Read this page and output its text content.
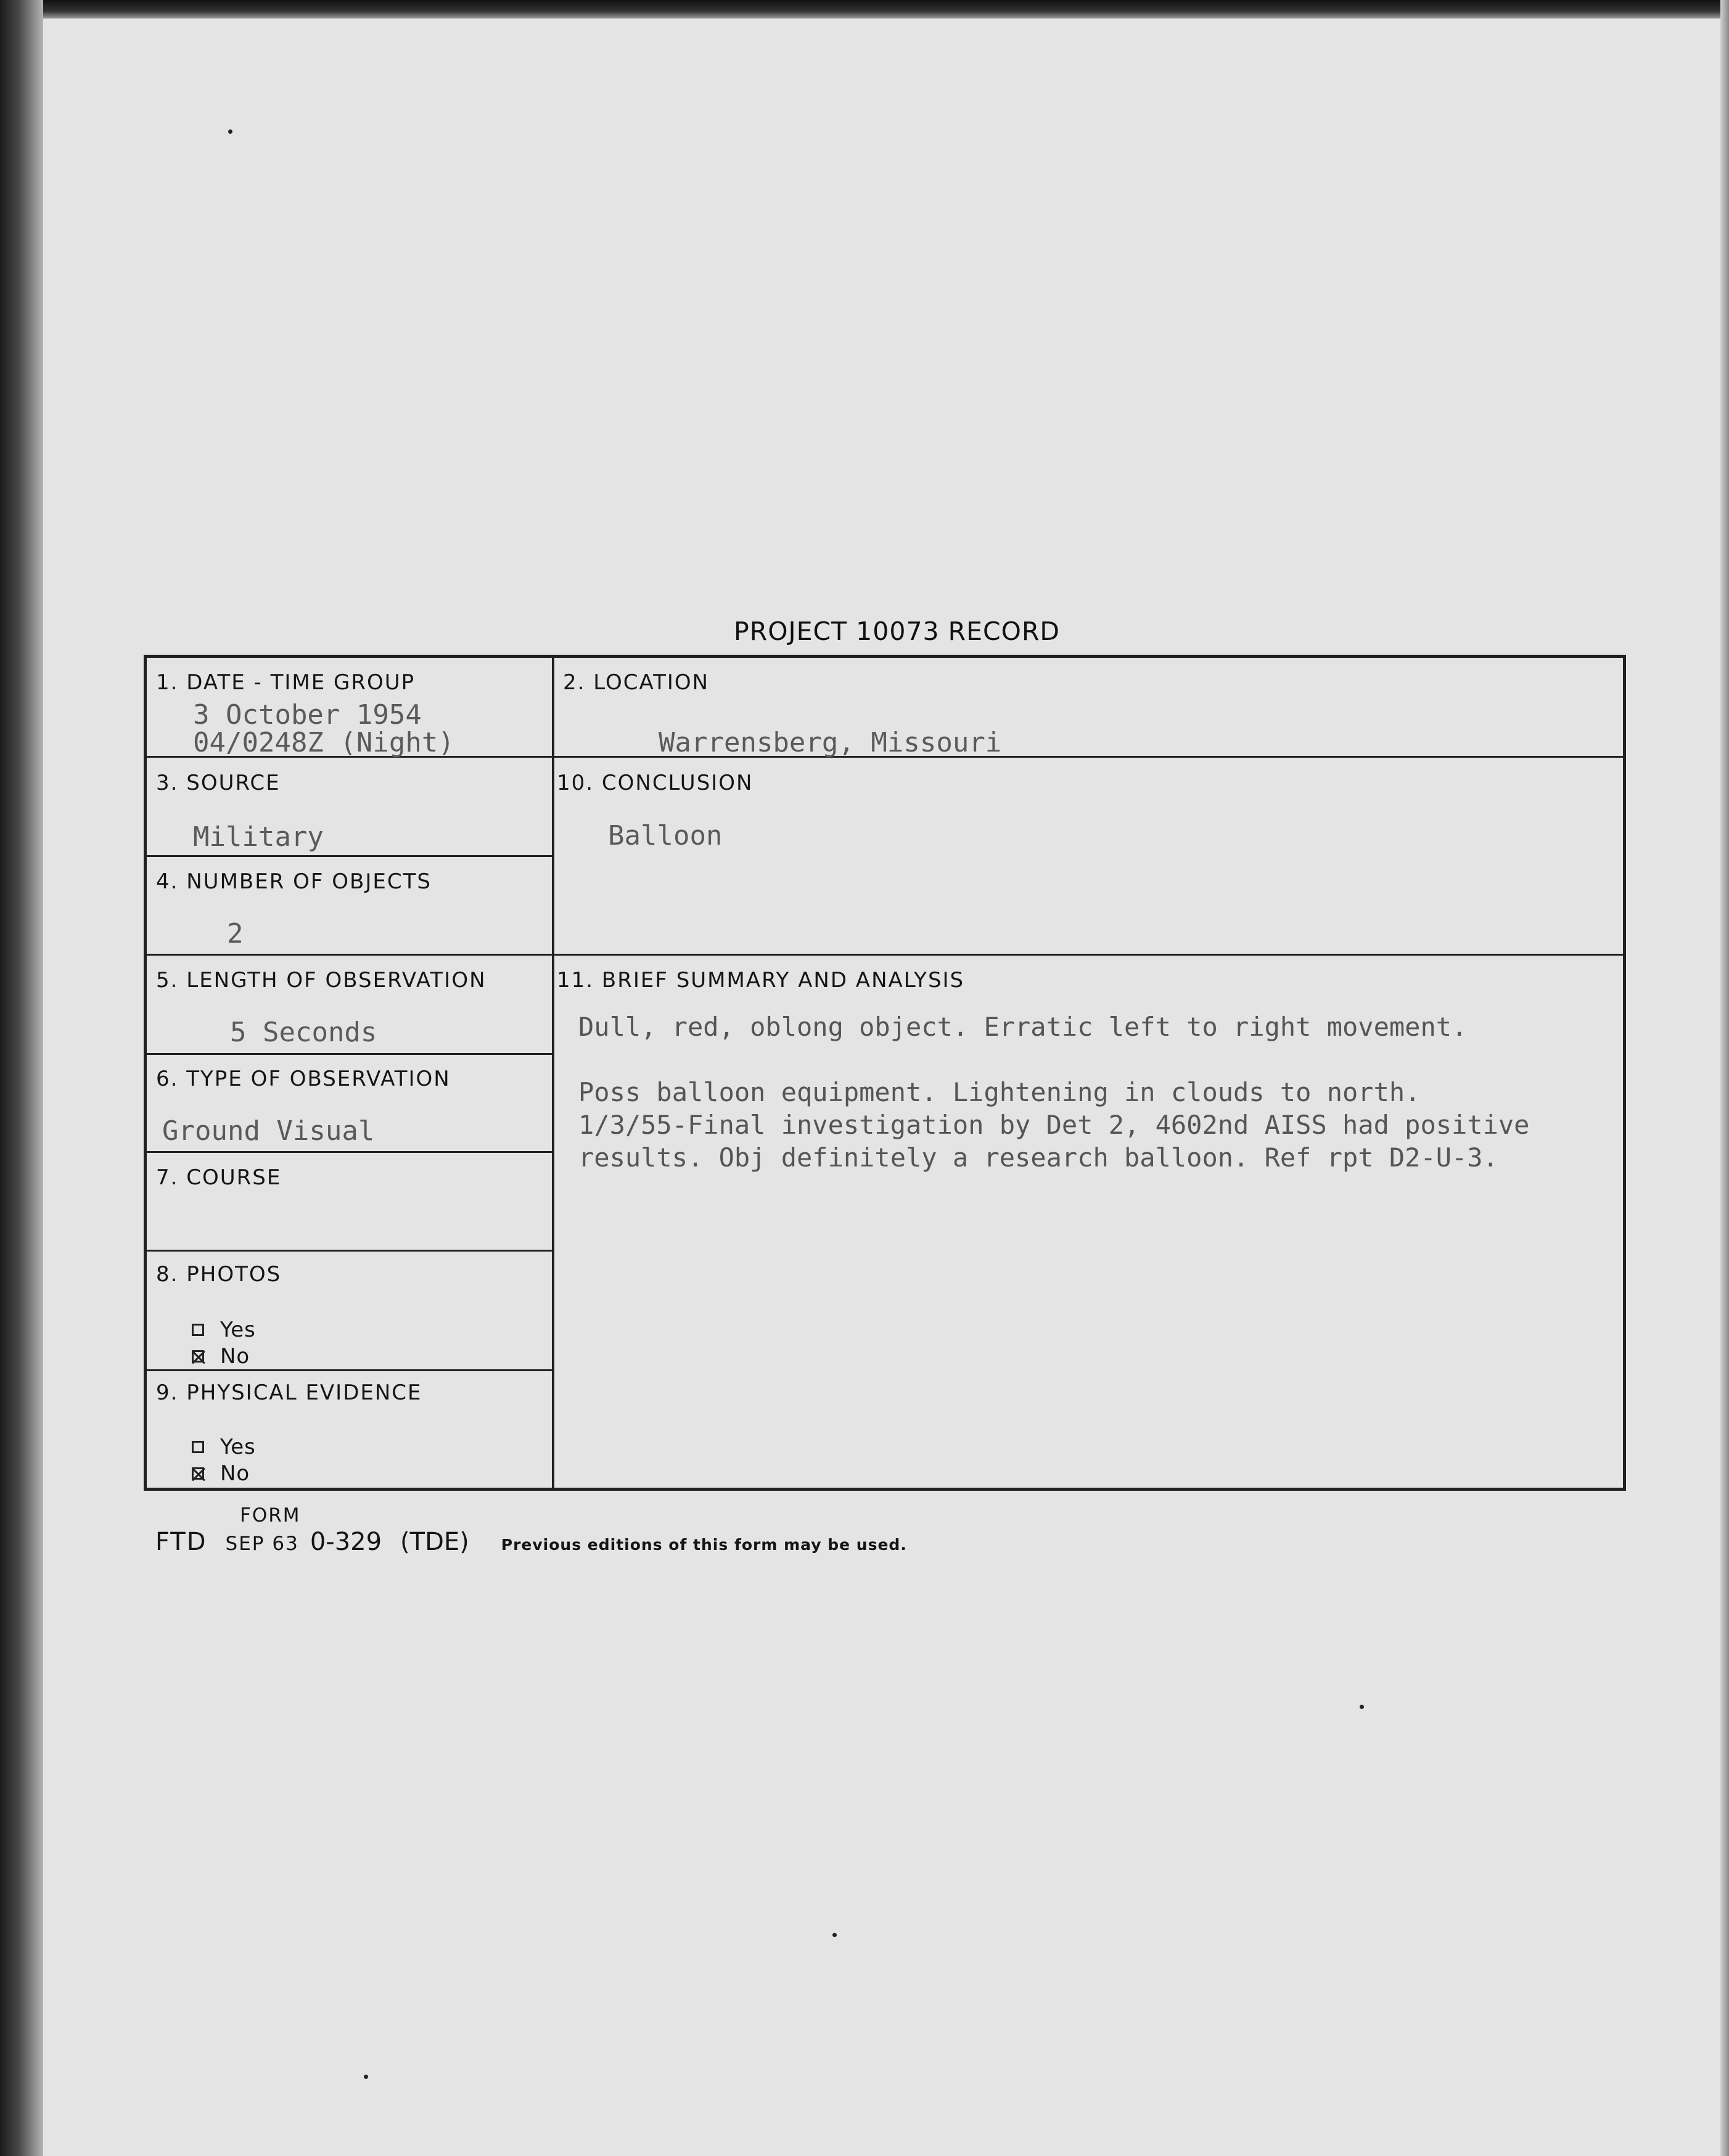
PROJECT 10073 RECORD
1. DATE - TIME GROUP
3 October 1954
04/0248Z (Night)
2. LOCATION
Warrensberg, Missouri
3. SOURCE
Military
10. CONCLUSION
Balloon
4. NUMBER OF OBJECTS
2
5. LENGTH OF OBSERVATION
5 Seconds
11. BRIEF SUMMARY AND ANALYSIS
Dull, red, oblong object. Erratic left to right movement.
Poss balloon equipment. Lightening in clouds to north.
1/3/55-Final investigation by Det 2, 4602nd AISS had positive
results. Obj definitely a research balloon. Ref rpt D2-U-3.
6. TYPE OF OBSERVATION
Ground Visual
7. COURSE
8. PHOTOS
Yes
No
9. PHYSICAL EVIDENCE
Yes
No
FORM
FTD SEP 63 0-329 (TDE) Previous editions of this form may be used.
